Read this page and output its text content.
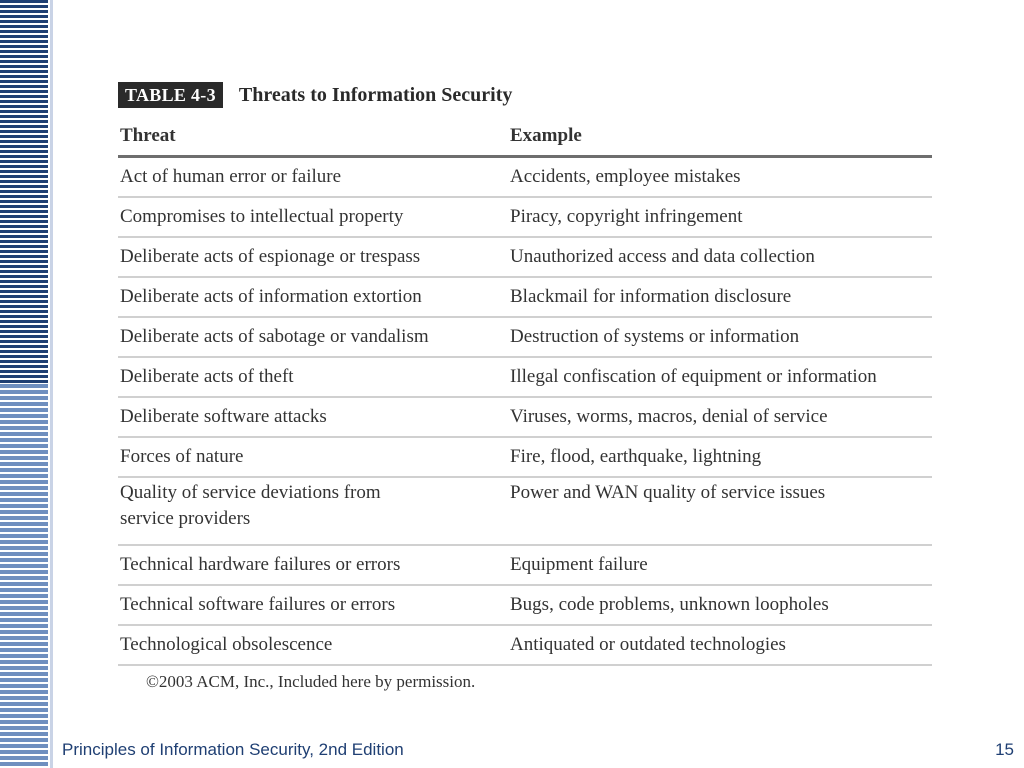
TABLE 4-3	Threats to Information Security
Threat	Example
Act of human error or failure	Accidents, employee mistakes
Compromises to intellectual property	Piracy, copyright infringement
Deliberate acts of espionage or trespass	Unauthorized access and data collection
Deliberate acts of information extortion	Blackmail for information disclosure
Deliberate acts of sabotage or vandalism	Destruction of systems or information
Deliberate acts of theft	Illegal confiscation of equipment or information
Deliberate software attacks	Viruses, worms, macros, denial of service
Forces of nature	Fire, flood, earthquake, lightning
Quality of service deviations from
service providers	Power and WAN quality of service issues
Technical hardware failures or errors	Equipment failure
Technical software failures or errors	Bugs, code problems, unknown loopholes
Technological obsolescence	Antiquated or outdated technologies
©2003 ACM, Inc., Included here by permission.
Principles of Information Security, 2nd Edition	15
